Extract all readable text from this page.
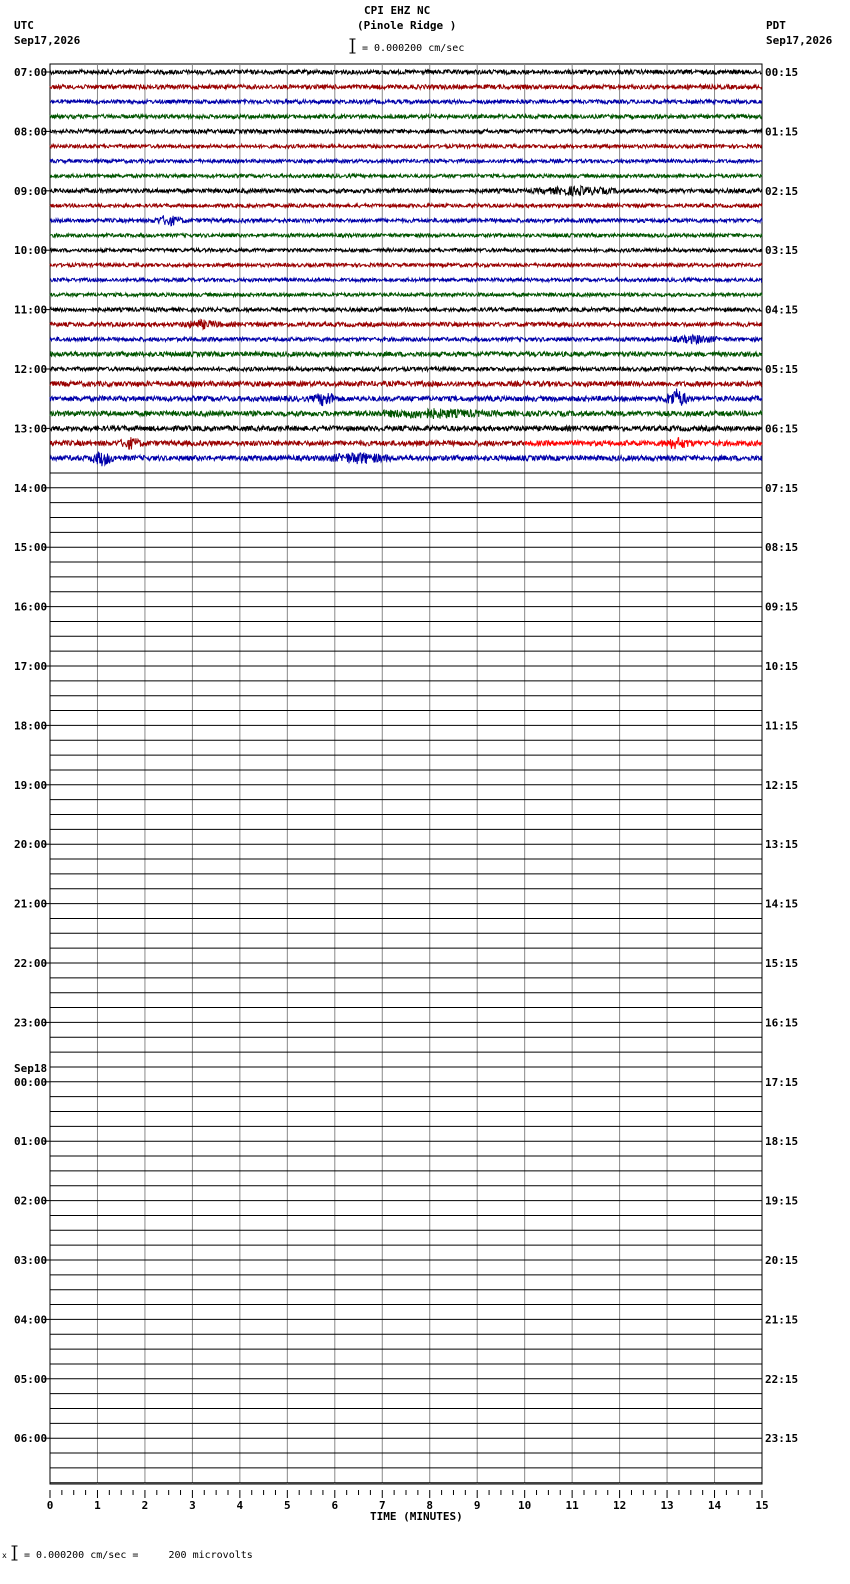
CPI EHZ NC
(Pinole Ridge )
UTC
Sep17,2026
PDT
Sep17,2026
= 0.000200 cm/sec
07:00
08:00
09:00
10:00
11:00
12:00
13:00
14:00
15:00
16:00
17:00
18:00
19:00
20:00
21:00
22:00
23:00
00:00
01:00
02:00
03:00
04:00
05:00
06:00
00:15
01:15
02:15
03:15
04:15
05:15
06:15
07:15
08:15
09:15
10:15
11:15
12:15
13:15
14:15
15:15
16:15
17:15
18:15
19:15
20:15
21:15
22:15
23:15
Sep18
0	1	2	3	4	5	6	7	8	9	10	11	12	13	14	15
TIME (MINUTES)
x = 0.000200 cm/sec =     200 microvolts
